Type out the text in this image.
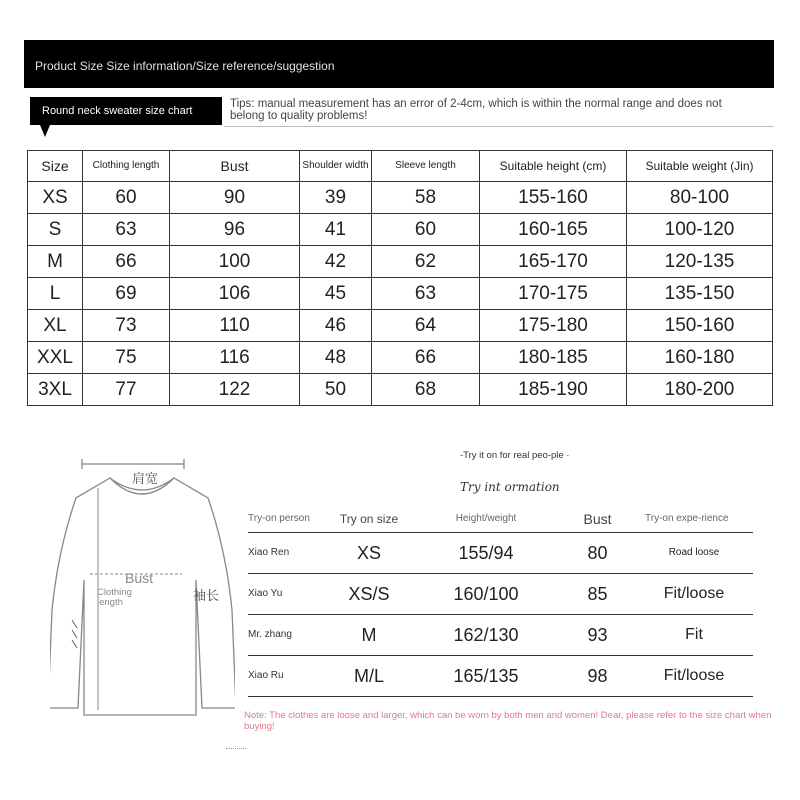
Product Size Size information/Size reference/suggestion
Round neck sweater size chart
Tips: manual measurement has an error of 2-4cm, which is within the normal range and does not belong to quality problems!
Size	Clothing length	Bust	Shoulder width	Sleeve length	Suitable height (cm)	Suitable weight (Jin)
XS	60	90	39	58	155-160	80-100
S	63	96	41	60	160-165	100-120
M	66	100	42	62	165-170	120-135
L	69	106	45	63	170-175	135-150
XL	73	110	46	64	175-180	150-160
XXL	75	116	48	66	180-185	160-180
3XL	77	122	50	68	185-190	180-200
肩宽
Bust
Clothing length	袖长
-Try it on for real peo-ple ·
Try int ormation
Try-on person	Try on size	Height/weight	Bust	Try-on expe-rience
Xiao Ren	XS	155/94	80	Road loose
Xiao Yu	XS/S	160/100	85	Fit/loose
Mr. zhang	M	162/130	93	Fit
Xiao Ru	M/L	165/135	98	Fit/loose
Note: The clothes are loose and larger, which can be worn by both men and women! Dear, please refer to the size chart when buying!
